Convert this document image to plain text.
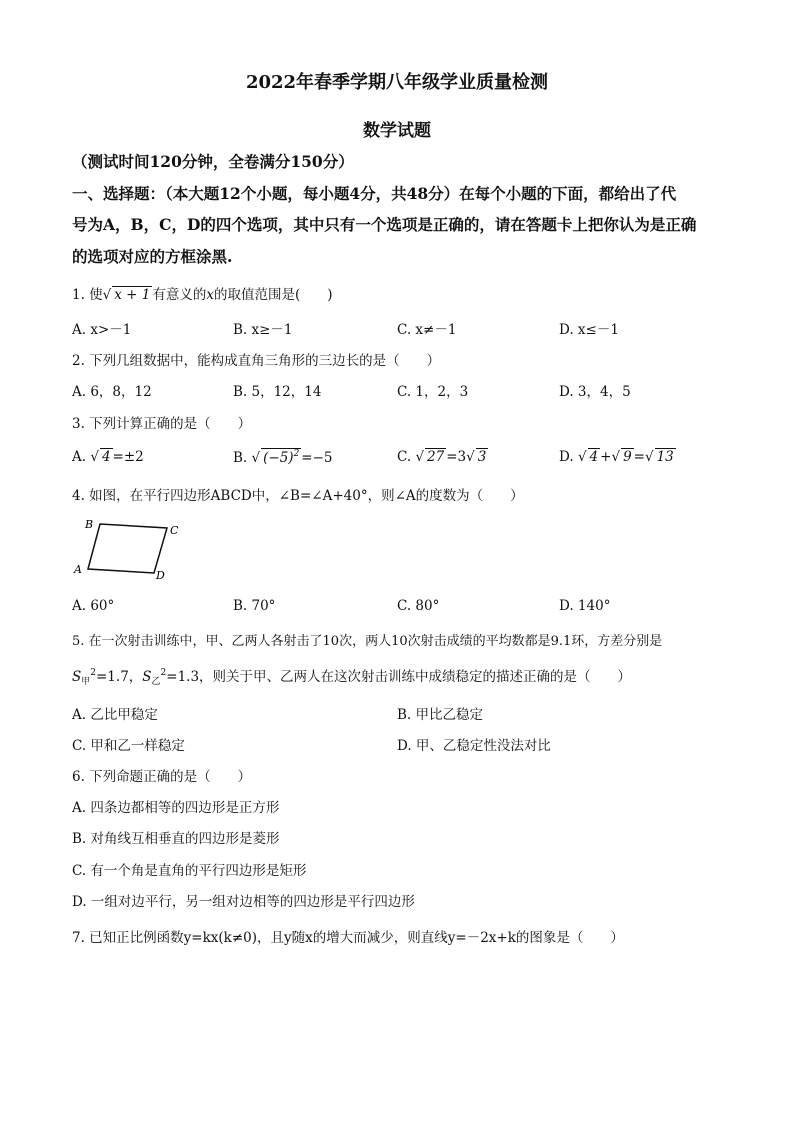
2022年春季学期八年级学业质量检测
数学试题
（测试时间120分钟，全卷满分150分）
一、选择题：（本大题12个小题，每小题4分，共48分）在每个小题的下面，都给出了代
号为A，B，C，D的四个选项，其中只有一个选项是正确的，请在答题卡上把你认为是正确
的选项对应的方框涂黑.
1. 使√ x + 1 有意义的x的取值范围是(　　)
A. x>－1	B. x≥－1	C. x≠－1	D. x≤－1
2. 下列几组数据中，能构成直角三角形的三边长的是（　　）
A. 6，8，12	B. 5，12，14	C. 1，2，3	D. 3，4，5
3. 下列计算正确的是（　　）
A. √ 4 =±2	B. √ $(-5)^2 =-5$	C. √ 27 =3√ 3	D. √ 4 +√ 9 =√ 13
4. 如图，在平行四边形ABCD中，∠B=∠A+40°，则∠A的度数为（　　）
B	C
A	D
A. 60°	B. 70°	C. 80°	D. 140°
5. 在一次射击训练中，甲、乙两人各射击了10次，两人10次射击成绩的平均数都是9.1环，方差分别是
$S_甲^2=1.7$，$S_乙^2=1.3$，则关于甲、乙两人在这次射击训练中成绩稳定的描述正确的是（　　）
A. 乙比甲稳定	B. 甲比乙稳定
C. 甲和乙一样稳定	D. 甲、乙稳定性没法对比
6. 下列命题正确的是（　　）
A. 四条边都相等的四边形是正方形
B. 对角线互相垂直的四边形是菱形
C. 有一个角是直角的平行四边形是矩形
D. 一组对边平行，另一组对边相等的四边形是平行四边形
7. 已知正比例函数y=kx(k≠0)，且y随x的增大而减少，则直线y=－2x+k的图象是（　　）
